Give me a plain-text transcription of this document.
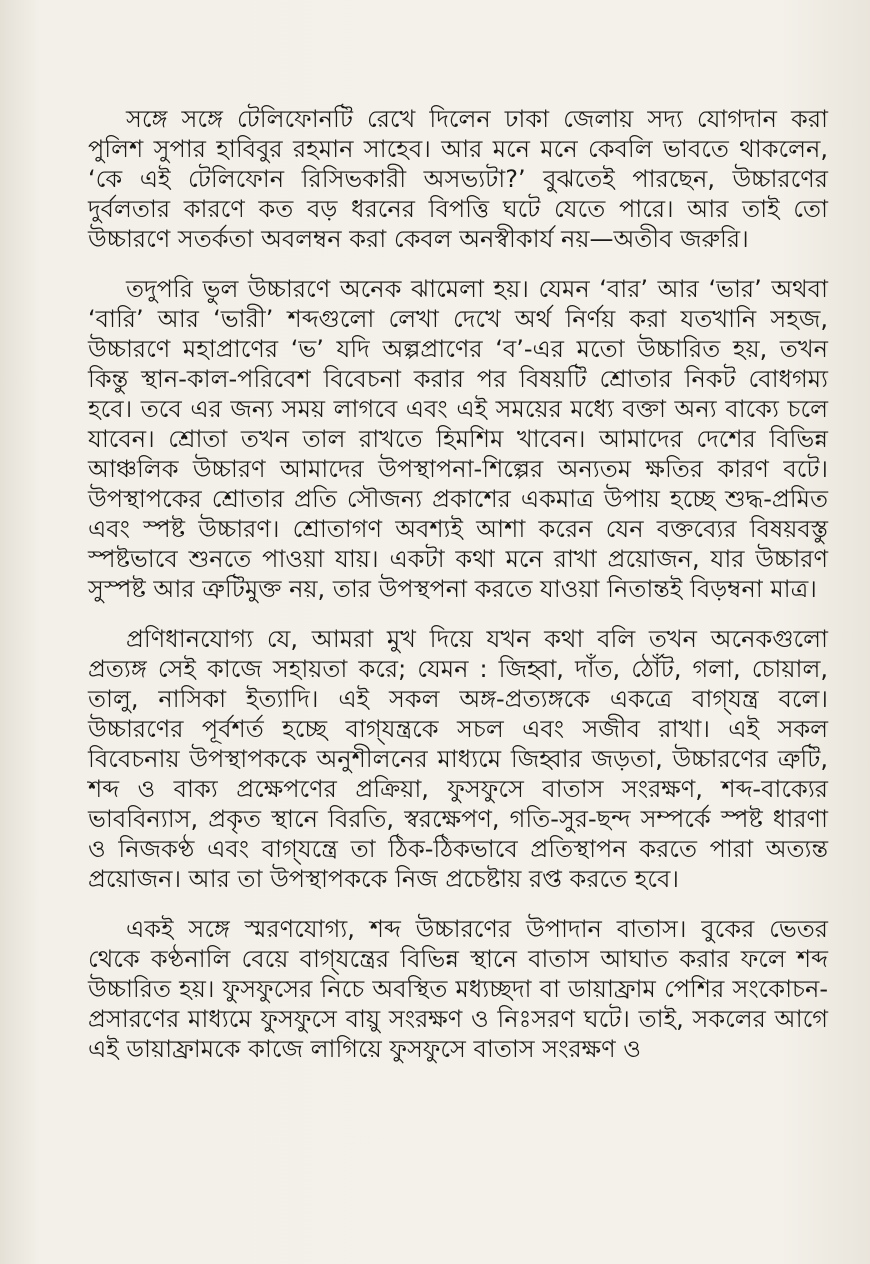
সঙ্গে সঙ্গে টেলিফোনটি রেখে দিলেন ঢাকা জেলায় সদ্য যোগদান করা পুলিশ সুপার হাবিবুর রহমান সাহেব। আর মনে মনে কেবলি ভাবতে থাকলেন, ‘কে এই টেলিফোন রিসিভকারী অসভ্যটা?’ বুঝতেই পারছেন, উচ্চারণের দুর্বলতার কারণে কত বড় ধরনের বিপত্তি ঘটে যেতে পারে। আর তাই তো উচ্চারণে সতর্কতা অবলম্বন করা কেবল অনস্বীকার্য নয়—অতীব জরুরি।

তদুপরি ভুল উচ্চারণে অনেক ঝামেলা হয়। যেমন ‘বার’ আর ‘ভার’ অথবা ‘বারি’ আর ‘ভারী’ শব্দগুলো লেখা দেখে অর্থ নির্ণয় করা যতখানি সহজ, উচ্চারণে মহাপ্রাণের ‘ভ’ যদি অল্পপ্রাণের ‘ব’-এর মতো উচ্চারিত হয়, তখন কিন্তু স্থান-কাল-পরিবেশ বিবেচনা করার পর বিষয়টি শ্রোতার নিকট বোধগম্য হবে। তবে এর জন্য সময় লাগবে এবং এই সময়ের মধ্যে বক্তা অন্য বাক্যে চলে যাবেন। শ্রোতা তখন তাল রাখতে হিমশিম খাবেন। আমাদের দেশের বিভিন্ন আঞ্চলিক উচ্চারণ আমাদের উপস্থাপনা-শিল্পের অন্যতম ক্ষতির কারণ বটে। উপস্থাপকের শ্রোতার প্রতি সৌজন্য প্রকাশের একমাত্র উপায় হচ্ছে শুদ্ধ-প্রমিত এবং স্পষ্ট উচ্চারণ। শ্রোতাগণ অবশ্যই আশা করেন যেন বক্তব্যের বিষয়বস্তু স্পষ্টভাবে শুনতে পাওয়া যায়। একটা কথা মনে রাখা প্রয়োজন, যার উচ্চারণ সুস্পষ্ট আর ত্রুটিমুক্ত নয়, তার উপস্থপনা করতে যাওয়া নিতান্তই বিড়ম্বনা মাত্র।

প্রণিধানযোগ্য যে, আমরা মুখ দিয়ে যখন কথা বলি তখন অনেকগুলো প্রত্যঙ্গ সেই কাজে সহায়তা করে; যেমন : জিহ্বা, দাঁত, ঠোঁট, গলা, চোয়াল, তালু, নাসিকা ইত্যাদি। এই সকল অঙ্গ-প্রত্যঙ্গকে একত্রে বাগ্‌যন্ত্র বলে। উচ্চারণের পূর্বশর্ত হচ্ছে বাগ্‌যন্ত্রকে সচল এবং সজীব রাখা। এই সকল বিবেচনায় উপস্থাপককে অনুশীলনের মাধ্যমে জিহ্বার জড়তা, উচ্চারণের ত্রুটি, শব্দ ও বাক্য প্রক্ষেপণের প্রক্রিয়া, ফুসফুসে বাতাস সংরক্ষণ, শব্দ-বাক্যের ভাববিন্যাস, প্রকৃত স্থানে বিরতি, স্বরক্ষেপণ, গতি-সুর-ছন্দ সম্পর্কে স্পষ্ট ধারণা ও নিজকণ্ঠ এবং বাগ্‌যন্ত্রে তা ঠিক-ঠিকভাবে প্রতিস্থাপন করতে পারা অত্যন্ত প্রয়োজন। আর তা উপস্থাপককে নিজ প্রচেষ্টায় রপ্ত করতে হবে।

একই সঙ্গে স্মরণযোগ্য, শব্দ উচ্চারণের উপাদান বাতাস। বুকের ভেতর থেকে কণ্ঠনালি বেয়ে বাগ্‌যন্ত্রের বিভিন্ন স্থানে বাতাস আঘাত করার ফলে শব্দ উচ্চারিত হয়। ফুসফুসের নিচে অবস্থিত মধ্যচ্ছদা বা ডায়াফ্রাম পেশির সংকোচন-প্রসারণের মাধ্যমে ফুসফুসে বায়ু সংরক্ষণ ও নিঃসরণ ঘটে। তাই, সকলের আগে এই ডায়াফ্রামকে কাজে লাগিয়ে ফুসফুসে বাতাস সংরক্ষণ ও
